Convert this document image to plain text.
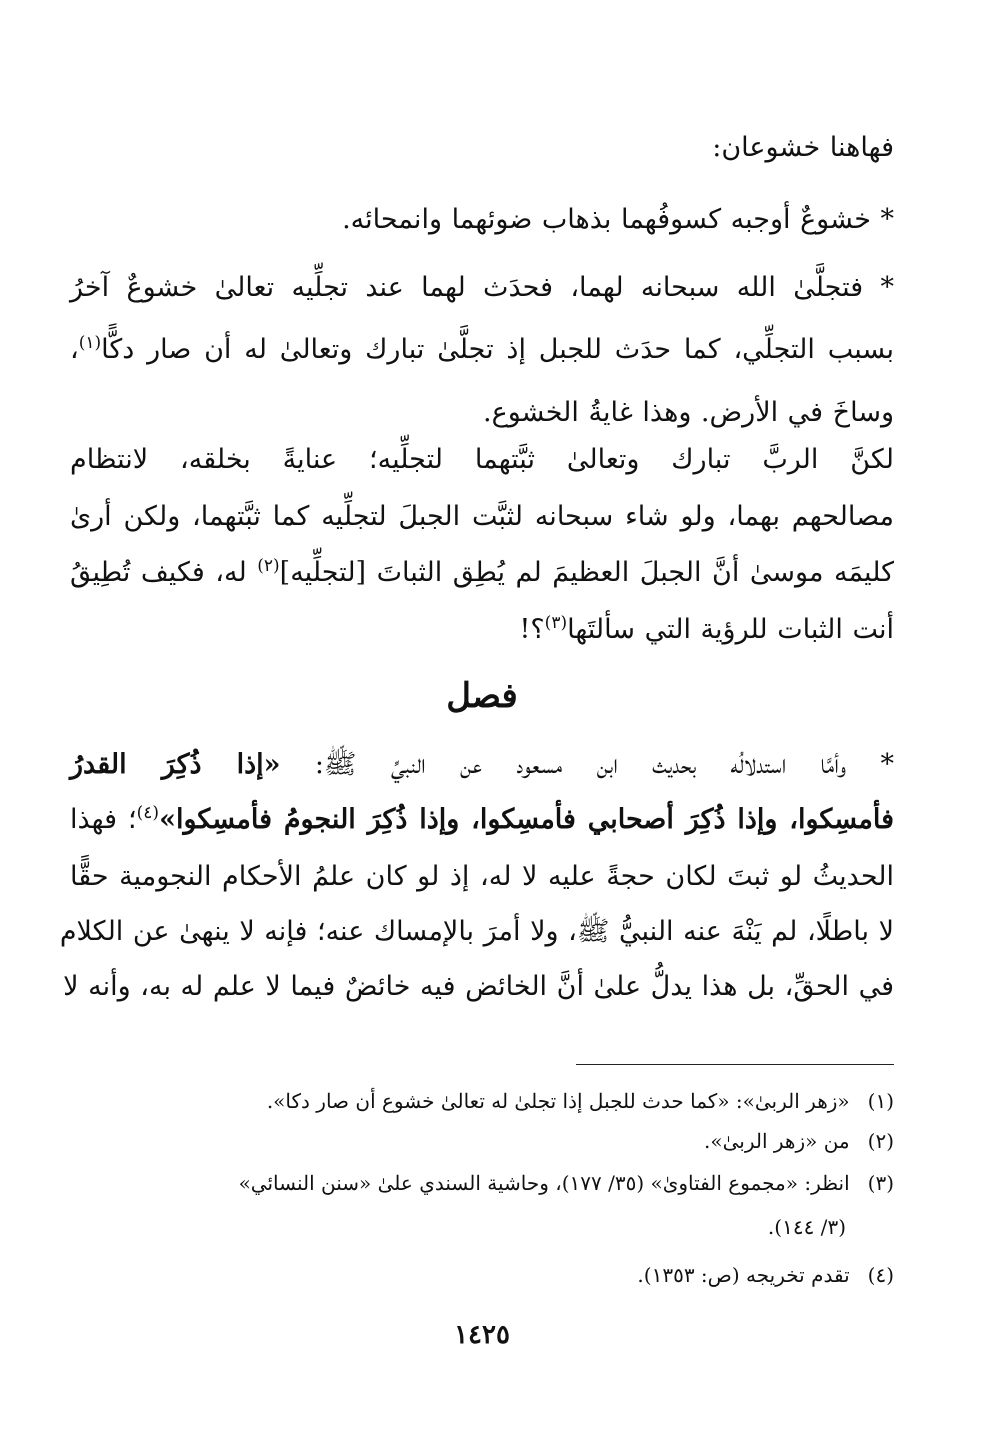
فهاهنا خشوعان:
* خشوعٌ أوجبه كسوفُهما بذهاب ضوئهما وانمحائه.
* فتجلَّىٰ الله سبحانه لهما، فحدَث لهما عند تجلِّيه تعالىٰ خشوعٌ آخرُ
بسبب التجلِّي، كما حدَث للجبل إذ تجلَّىٰ تبارك وتعالىٰ له أن صار دكًّا$^{(١)}$،
وساخَ في الأرض. وهذا غايةُ الخشوع.
لكنَّ الربَّ تبارك وتعالىٰ ثبَّتهما لتجلِّيه؛ عنايةً بخلقه، لانتظام
مصالحهم بهما، ولو شاء سبحانه لثبَّت الجبلَ لتجلِّيه كما ثبَّتهما، ولكن أرىٰ
كليمَه موسىٰ أنَّ الجبلَ العظيمَ لم يُطِق الثباتَ [لتجلِّيه]$^{(٢)}$ له، فكيف تُطِيقُ
أنت الثبات للرؤية التي سألتَها$^{(٣)}$؟!
فصل
* وأمَّا استدلالُه بحديث ابن مسعود عن النبيِّ ﷺ: «إذا ذُكِرَ القدرُ
فأمسِكوا، وإذا ذُكِرَ أصحابي فأمسِكوا، وإذا ذُكِرَ النجومُ فأمسِكوا»$^{(٤)}$؛ فهذا
الحديثُ لو ثبتَ لكان حجةً عليه لا له، إذ لو كان علمُ الأحكام النجومية حقًّا
لا باطلًا، لم يَنْهَ عنه النبيُّ ﷺ، ولا أمرَ بالإمساك عنه؛ فإنه لا ينهىٰ عن الكلام
في الحقِّ، بل هذا يدلُّ علىٰ أنَّ الخائض فيه خائضٌ فيما لا علم له به، وأنه لا
(١) «زهر الربىٰ»: «كما حدث للجبل إذا تجلىٰ له تعالىٰ خشوع أن صار دكا».
(٢) من «زهر الربىٰ».
(٣) انظر: «مجموع الفتاوىٰ» (٣٥/ ١٧٧)، وحاشية السندي علىٰ «سنن النسائي»
(٣/ ١٤٤).
(٤) تقدم تخريجه (ص: ١٣٥٣).
١٤٢٥
